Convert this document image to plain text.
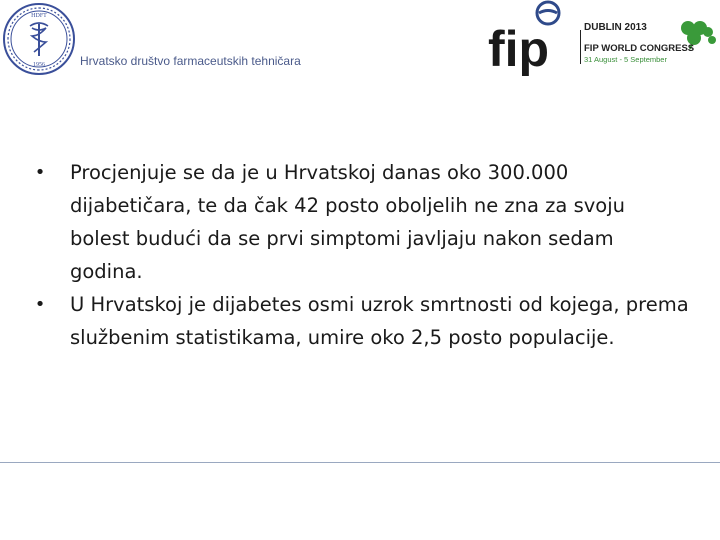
HDFT
1956	Hrvatsko društvo farmaceutskih tehničara	fip	DUBLIN 2013
FIP WORLD CONGRESS
31 August - 5 September
• Procjenjuje se da je u Hrvatskoj danas oko 300.000 dijabetičara, te da čak 42 posto oboljelih ne zna za svoju bolest budući da se prvi simptomi javljaju nakon sedam godina.
• U Hrvatskoj je dijabetes osmi uzrok smrtnosti od kojega, prema službenim statistikama, umire oko 2,5 posto populacije.
